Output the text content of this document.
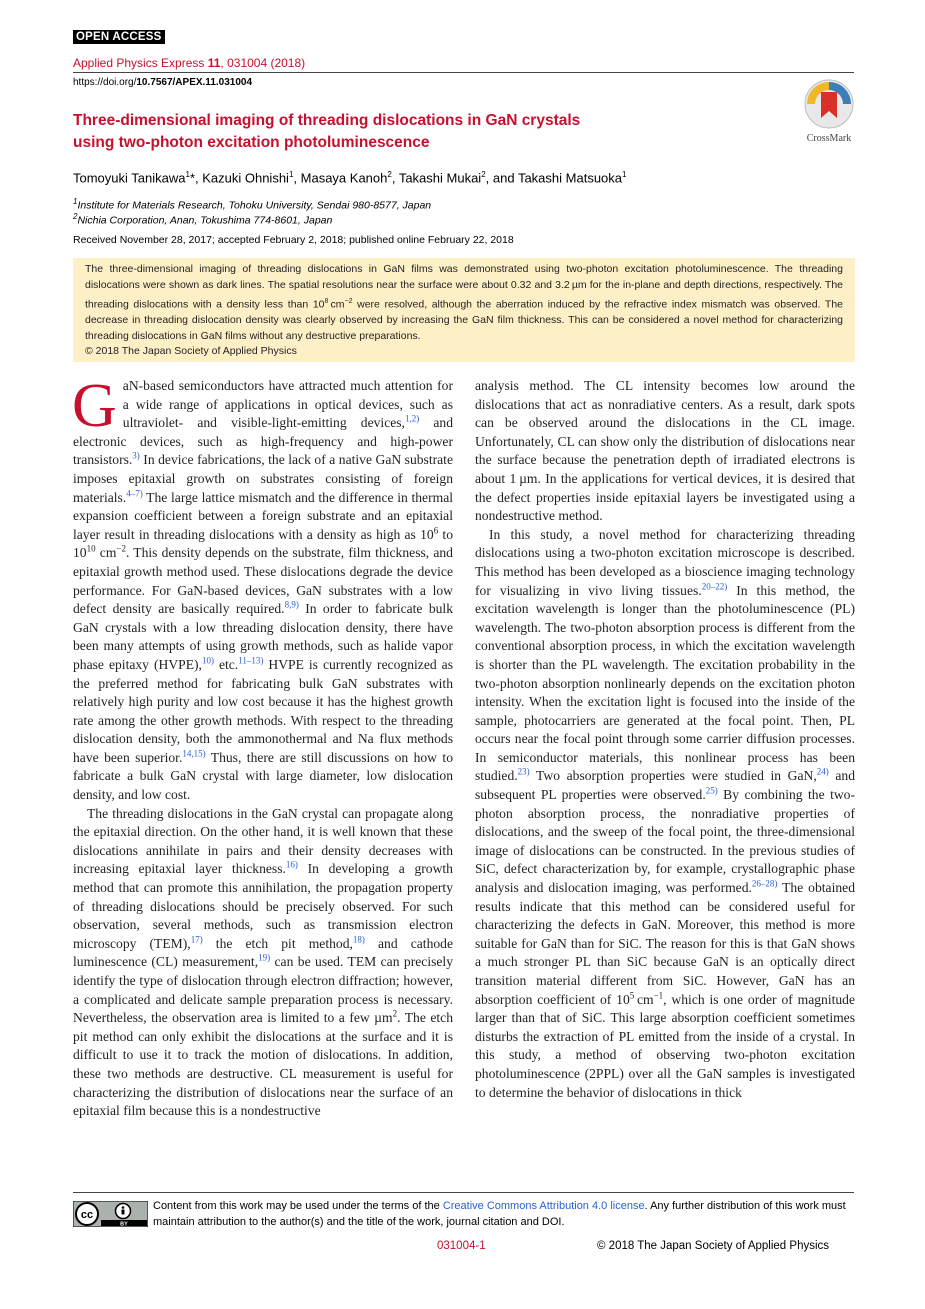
OPEN ACCESS
Applied Physics Express 11, 031004 (2018)
https://doi.org/10.7567/APEX.11.031004
CrossMark
Three-dimensional imaging of threading dislocations in GaN crystals
using two-photon excitation photoluminescence
Tomoyuki Tanikawa$^1$*, Kazuki Ohnishi$^1$, Masaya Kanoh$^2$, Takashi Mukai$^2$, and Takashi Matsuoka$^1$
$^1$Institute for Materials Research, Tohoku University, Sendai 980-8577, Japan
$^2$Nichia Corporation, Anan, Tokushima 774-8601, Japan
Received November 28, 2017; accepted February 2, 2018; published online February 22, 2018
The three-dimensional imaging of threading dislocations in GaN films was demonstrated using two-photon excitation photoluminescence. The threading dislocations were shown as dark lines. The spatial resolutions near the surface were about 0.32 and 3.2 µm for the in-plane and depth directions, respectively. The threading dislocations with a density less than $10^8$ $cm^{-2}$ were resolved, although the aberration induced by the refractive index mismatch was observed. The decrease in threading dislocation density was clearly observed by increasing the GaN film thickness. This can be considered a novel method for characterizing threading dislocations in GaN films without any destructive preparations.
© 2018 The Japan Society of Applied Physics

GaN-based semiconductors have attracted much attention for a wide range of applications in optical devices, such as ultraviolet- and visible-light-emitting devices,$^{1,2)}$ and electronic devices, such as high-frequency and high-power transistors.$^{3)}$ In device fabrications, the lack of a native GaN substrate imposes epitaxial growth on substrates consisting of foreign materials.$^{4-7)}$ The large lattice mismatch and the difference in thermal expansion coefficient between a foreign substrate and an epitaxial layer result in threading dislocations with a density as high as $10^6$ to $10^{10}$ $cm^{-2}$. This density depends on the substrate, film thickness, and epitaxial growth method used. These dislocations degrade the device performance. For GaN-based devices, GaN substrates with a low defect density are basically required.$^{8,9)}$ In order to fabricate bulk GaN crystals with a low threading dislocation density, there have been many attempts of using growth methods, such as halide vapor phase epitaxy (HVPE),$^{10)}$ etc.$^{11-13)}$ HVPE is currently recognized as the preferred method for fabricating bulk GaN substrates with relatively high purity and low cost because it has the highest growth rate among the other growth methods. With respect to the threading dislocation density, both the ammonothermal and Na flux methods have been superior.$^{14,15)}$ Thus, there are still discussions on how to fabricate a bulk GaN crystal with large diameter, low dislocation density, and low cost.

The threading dislocations in the GaN crystal can propagate along the epitaxial direction. On the other hand, it is well known that these dislocations annihilate in pairs and their density decreases with increasing epitaxial layer thickness.$^{16)}$ In developing a growth method that can promote this annihilation, the propagation property of threading dislocations should be precisely observed. For such observation, several methods, such as transmission electron microscopy (TEM),$^{17)}$ the etch pit method,$^{18)}$ and cathode luminescence (CL) measurement,$^{19)}$ can be used. TEM can precisely identify the type of dislocation through electron diffraction; however, a complicated and delicate sample preparation process is necessary. Nevertheless, the observation area is limited to a few µm$^2$. The etch pit method can only exhibit the dislocations at the surface and it is difficult to use it to track the motion of dislocations. In addition, these two methods are destructive. CL measurement is useful for characterizing the distribution of dislocations near the surface of an epitaxial film because this is a nondestructive

analysis method. The CL intensity becomes low around the dislocations that act as nonradiative centers. As a result, dark spots can be observed around the dislocations in the CL image. Unfortunately, CL can show only the distribution of dislocations near the surface because the penetration depth of irradiated electrons is about 1 µm. In the applications for vertical devices, it is desired that the defect properties inside epitaxial layers be investigated using a nondestructive method.

In this study, a novel method for characterizing threading dislocations using a two-photon excitation microscope is described. This method has been developed as a bioscience imaging technology for visualizing in vivo living tissues.$^{20-22)}$ In this method, the excitation wavelength is longer than the photoluminescence (PL) wavelength. The two-photon absorption process is different from the conventional absorption process, in which the excitation wavelength is shorter than the PL wavelength. The excitation probability in the two-photon absorption nonlinearly depends on the excitation photon intensity. When the excitation light is focused into the inside of the sample, photocarriers are generated at the focal point. Then, PL occurs near the focal point through some carrier diffusion processes. In semiconductor materials, this nonlinear process has been studied.$^{23)}$ Two absorption properties were studied in GaN,$^{24)}$ and subsequent PL properties were observed.$^{25)}$ By combining the two-photon absorption process, the nonradiative properties of dislocations, and the sweep of the focal point, the three-dimensional image of dislocations can be constructed. In the previous studies of SiC, defect characterization by, for example, crystallographic phase analysis and dislocation imaging, was performed.$^{26-28)}$ The obtained results indicate that this method can be considered useful for characterizing the defects in GaN. Moreover, this method is more suitable for GaN than for SiC. The reason for this is that GaN shows a much stronger PL than SiC because GaN is an optically direct transition material different from SiC. However, GaN has an absorption coefficient of $10^5$ $cm^{-1}$, which is one order of magnitude larger than that of SiC. This large absorption coefficient sometimes disturbs the extraction of PL emitted from the inside of a crystal. In this study, a method of observing two-photon excitation photoluminescence (2PPL) over all the GaN samples is investigated to determine the behavior of dislocations in thick

cc
BY
Content from this work may be used under the terms of the Creative Commons Attribution 4.0 license. Any further distribution of this work must maintain attribution to the author(s) and the title of the work, journal citation and DOI.
031004-1	© 2018 The Japan Society of Applied Physics
